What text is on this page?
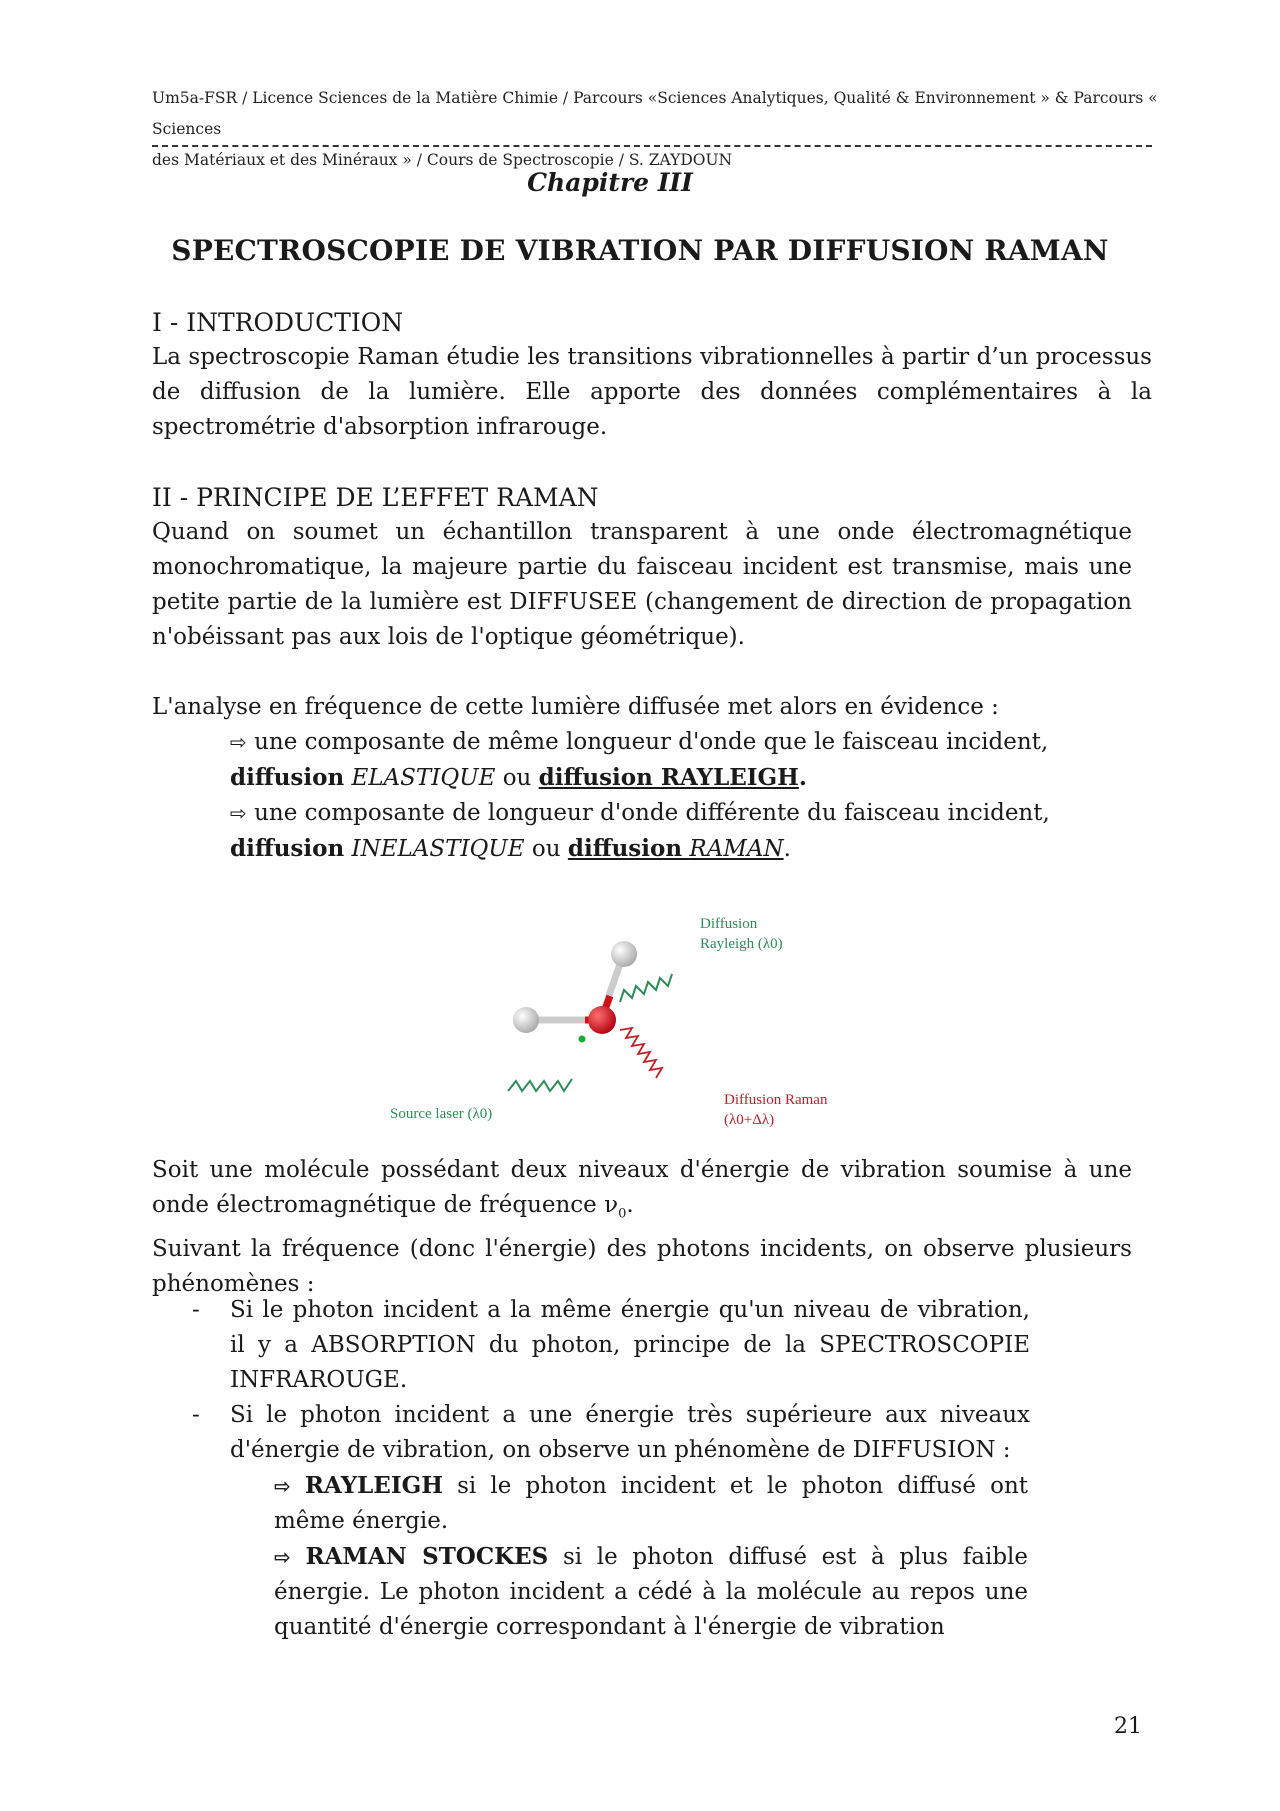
Um5a-FSR / Licence Sciences de la Matière Chimie / Parcours «Sciences Analytiques, Qualité & Environnement » & Parcours « Sciences
des Matériaux et des Minéraux » / Cours de Spectroscopie / S. ZAYDOUN
Chapitre III
SPECTROSCOPIE DE VIBRATION PAR DIFFUSION RAMAN
I - INTRODUCTION

La spectroscopie Raman étudie les transitions vibrationnelles à partir d’un processus de diffusion de la lumière. Elle apporte des données complémentaires à la spectrométrie d'absorption infrarouge.

II - PRINCIPE DE L’EFFET RAMAN

Quand on soumet un échantillon transparent à une onde électromagnétique monochromatique, la majeure partie du faisceau incident est transmise, mais une petite partie de la lumière est DIFFUSEE (changement de direction de propagation n'obéissant pas aux lois de l'optique géométrique).

L'analyse en fréquence de cette lumière diffusée met alors en évidence :

⇨ une composante de même longueur d'onde que le faisceau incident,
diffusion ELASTIQUE ou diffusion RAYLEIGH.
⇨ une composante de longueur d'onde différente du faisceau incident,
diffusion INELASTIQUE ou diffusion RAMAN.
Diffusion
Rayleigh (λ0)
Diffusion Raman
(λ0+Δλ)
Source laser (λ0)

Soit une molécule possédant deux niveaux d'énergie de vibration soumise à une onde électromagnétique de fréquence $\nu_0$.

Suivant la fréquence (donc l'énergie) des photons incidents, on observe plusieurs phénomènes :

- Si le photon incident a la même énergie qu'un niveau de vibration, il y a ABSORPTION du photon, principe de la SPECTROSCOPIE INFRAROUGE.
- Si le photon incident a une énergie très supérieure aux niveaux d'énergie de vibration, on observe un phénomène de DIFFUSION :
⇨ RAYLEIGH si le photon incident et le photon diffusé ont même énergie.
⇨ RAMAN STOCKES si le photon diffusé est à plus faible énergie. Le photon incident a cédé à la molécule au repos une quantité d'énergie correspondant à l'énergie de vibration
21
